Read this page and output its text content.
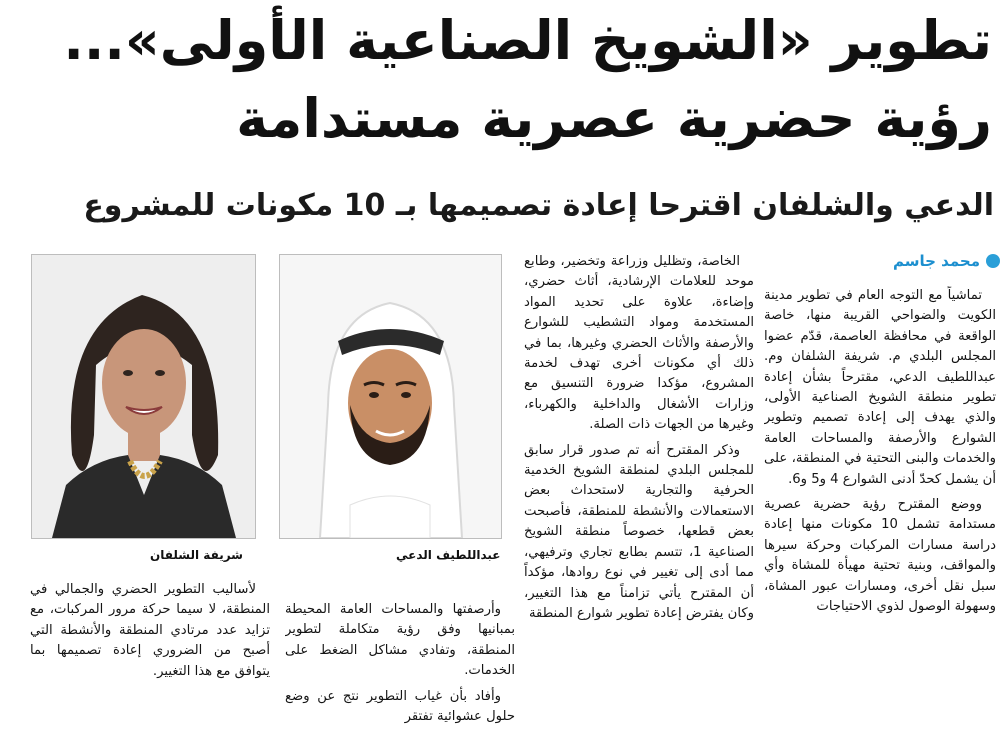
تطوير «الشويخ الصناعية الأولى»... رؤية حضرية عصرية مستدامة
الدعي والشلفان اقترحا إعادة تصميمها بـ 10 مكونات للمشروع
محمد جاسم

تماشياً مع التوجه العام في تطوير مدينة الكويت والضواحي القريبة منها، خاصة الواقعة في محافظة العاصمة، قدّم عضوا المجلس البلدي م. شريفة الشلفان وم. عبداللطيف الدعي، مقترحاً بشأن إعادة تطوير منطقة الشويخ الصناعية الأولى، والذي يهدف إلى إعادة تصميم وتطوير الشوارع والأرصفة والمساحات العامة والخدمات والبنى التحتية في المنطقة، على أن يشمل كحدّ أدنى الشوارع 4 و5 و6.

ووضع المقترح رؤية حضرية عصرية مستدامة تشمل 10 مكونات منها إعادة دراسة مسارات المركبات وحركة سيرها والمواقف، وبنية تحتية مهيأة للمشاة وأي سبل نقل أخرى، ومسارات عبور المشاة، وسهولة الوصول لذوي الاحتياجات

الخاصة، وتظليل وزراعة وتخضير، وطابع موحد للعلامات الإرشادية، أثاث حضري، وإضاءة، علاوة على تحديد المواد المستخدمة ومواد التشطيب للشوارع والأرصفة والأثاث الحضري وغيرها، بما في ذلك أي مكونات أخرى تهدف لخدمة المشروع، مؤكدا ضرورة التنسيق مع وزارات الأشغال والداخلية والكهرباء، وغيرها من الجهات ذات الصلة.

وذكر المقترح أنه تم صدور قرار سابق للمجلس البلدي لمنطقة الشويخ الخدمية الحرفية والتجارية لاستحداث بعض الاستعمالات والأنشطة للمنطقة، فأصبحت بعض قطعها، خصوصاً منطقة الشويخ الصناعية 1، تتسم بطابع تجاري وترفيهي، مما أدى إلى تغيير في نوع روادها، مؤكداً أن المقترح يأتي تزامناً مع هذا التغيير، وكان يفترض إعادة تطوير شوارع المنطقة

عبداللطيف الدعي
شريفة الشلفان

وأرصفتها والمساحات العامة المحيطة بمبانيها وفق رؤية متكاملة لتطوير المنطقة، وتفادي مشاكل الضغط على الخدمات.

وأفاد بأن غياب التطوير نتج عن وضع حلول عشوائية تفتقر

لأساليب التطوير الحضري والجمالي في المنطقة، لا سيما حركة مرور المركبات، مع تزايد عدد مرتادي المنطقة والأنشطة التي أصبح من الضروري إعادة تصميمها بما يتوافق مع هذا التغيير.
